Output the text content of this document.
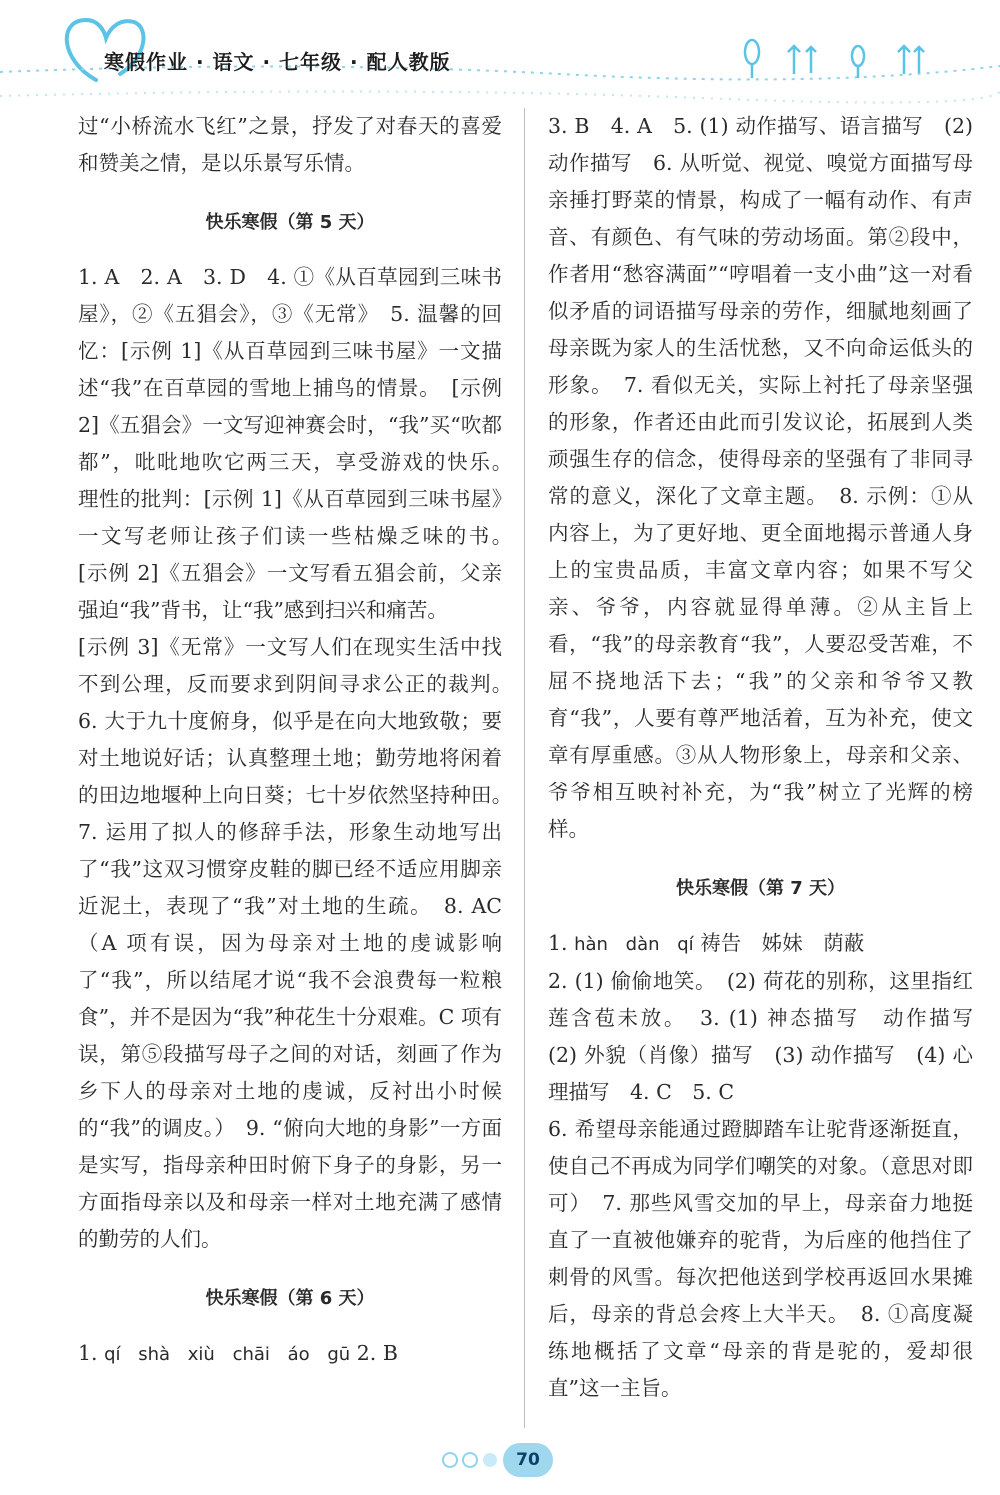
寒假作业 · 语文 · 七年级 · 配人教版

过“小桥流水飞红”之景，抒发了对春天的喜爱和赞美之情，是以乐景写乐情。

快乐寒假（第 5 天）

1. A　2. A　3. D　4. ①《从百草园到三味书屋》，②《五猖会》，③《无常》　5. 温馨的回忆：[示例 1]《从百草园到三味书屋》一文描述“我”在百草园的雪地上捕鸟的情景。　[示例 2]《五猖会》一文写迎神赛会时，“我”买“吹都都”，吡吡地吹它两三天，享受游戏的快乐。　理性的批判：[示例 1]《从百草园到三味书屋》一文写老师让孩子们读一些枯燥乏味的书。　[示例 2]《五猖会》一文写看五猖会前，父亲强迫“我”背书，让“我”感到扫兴和痛苦。

[示例 3]《无常》一文写人们在现实生活中找不到公理，反而要求到阴间寻求公正的裁判。　6. 大于九十度俯身，似乎是在向大地致敬；要对土地说好话；认真整理土地；勤劳地将闲着的田边地堰种上向日葵；七十岁依然坚持种田。　7. 运用了拟人的修辞手法，形象生动地写出了“我”这双习惯穿皮鞋的脚已经不适应用脚亲近泥土，表现了“我”对土地的生疏。　8. AC　（A 项有误，因为母亲对土地的虔诚影响了“我”，所以结尾才说“我不会浪费每一粒粮食”，并不是因为“我”种花生十分艰难。C 项有误，第⑤段描写母子之间的对话，刻画了作为乡下人的母亲对土地的虔诚，反衬出小时候的“我”的调皮。）　9. “俯向大地的身影”一方面是实写，指母亲种田时俯下身子的身影，另一方面指母亲以及和母亲一样对土地充满了感情的勤劳的人们。

快乐寒假（第 6 天）

1. qí shà xiù chāi áo gū 2. B

3. B　4. A　5. (1) 动作描写、语言描写　(2) 动作描写　6. 从听觉、视觉、嗅觉方面描写母亲捶打野菜的情景，构成了一幅有动作、有声音、有颜色、有气味的劳动场面。第②段中，作者用“愁容满面”“哼唱着一支小曲”这一对看似矛盾的词语描写母亲的劳作，细腻地刻画了母亲既为家人的生活忧愁，又不向命运低头的形象。　7. 看似无关，实际上衬托了母亲坚强的形象，作者还由此而引发议论，拓展到人类顽强生存的信念，使得母亲的坚强有了非同寻常的意义，深化了文章主题。　8. 示例：①从内容上，为了更好地、更全面地揭示普通人身上的宝贵品质，丰富文章内容；如果不写父亲、爷爷，内容就显得单薄。②从主旨上看，“我”的母亲教育“我”，人要忍受苦难，不屈不挠地活下去；“我”的父亲和爷爷又教育“我”，人要有尊严地活着，互为补充，使文章有厚重感。③从人物形象上，母亲和父亲、爷爷相互映衬补充，为“我”树立了光辉的榜样。

快乐寒假（第 7 天）

1. hàn dàn qí 祷告　姊妹　荫蔽

2. (1) 偷偷地笑。　(2) 荷花的别称，这里指红莲含苞未放。　3. (1) 神态描写　动作描写　(2) 外貌（肖像）描写　(3) 动作描写　(4) 心理描写　4. C　5. C

6. 希望母亲能通过蹬脚踏车让驼背逐渐挺直，使自己不再成为同学们嘲笑的对象。（意思对即可）　7. 那些风雪交加的早上，母亲奋力地挺直了一直被他嫌弃的驼背，为后座的他挡住了刺骨的风雪。每次把他送到学校再返回水果摊后，母亲的背总会疼上大半天。　8. ①高度凝练地概括了文章“母亲的背是驼的，爱却很直”这一主旨。

70
